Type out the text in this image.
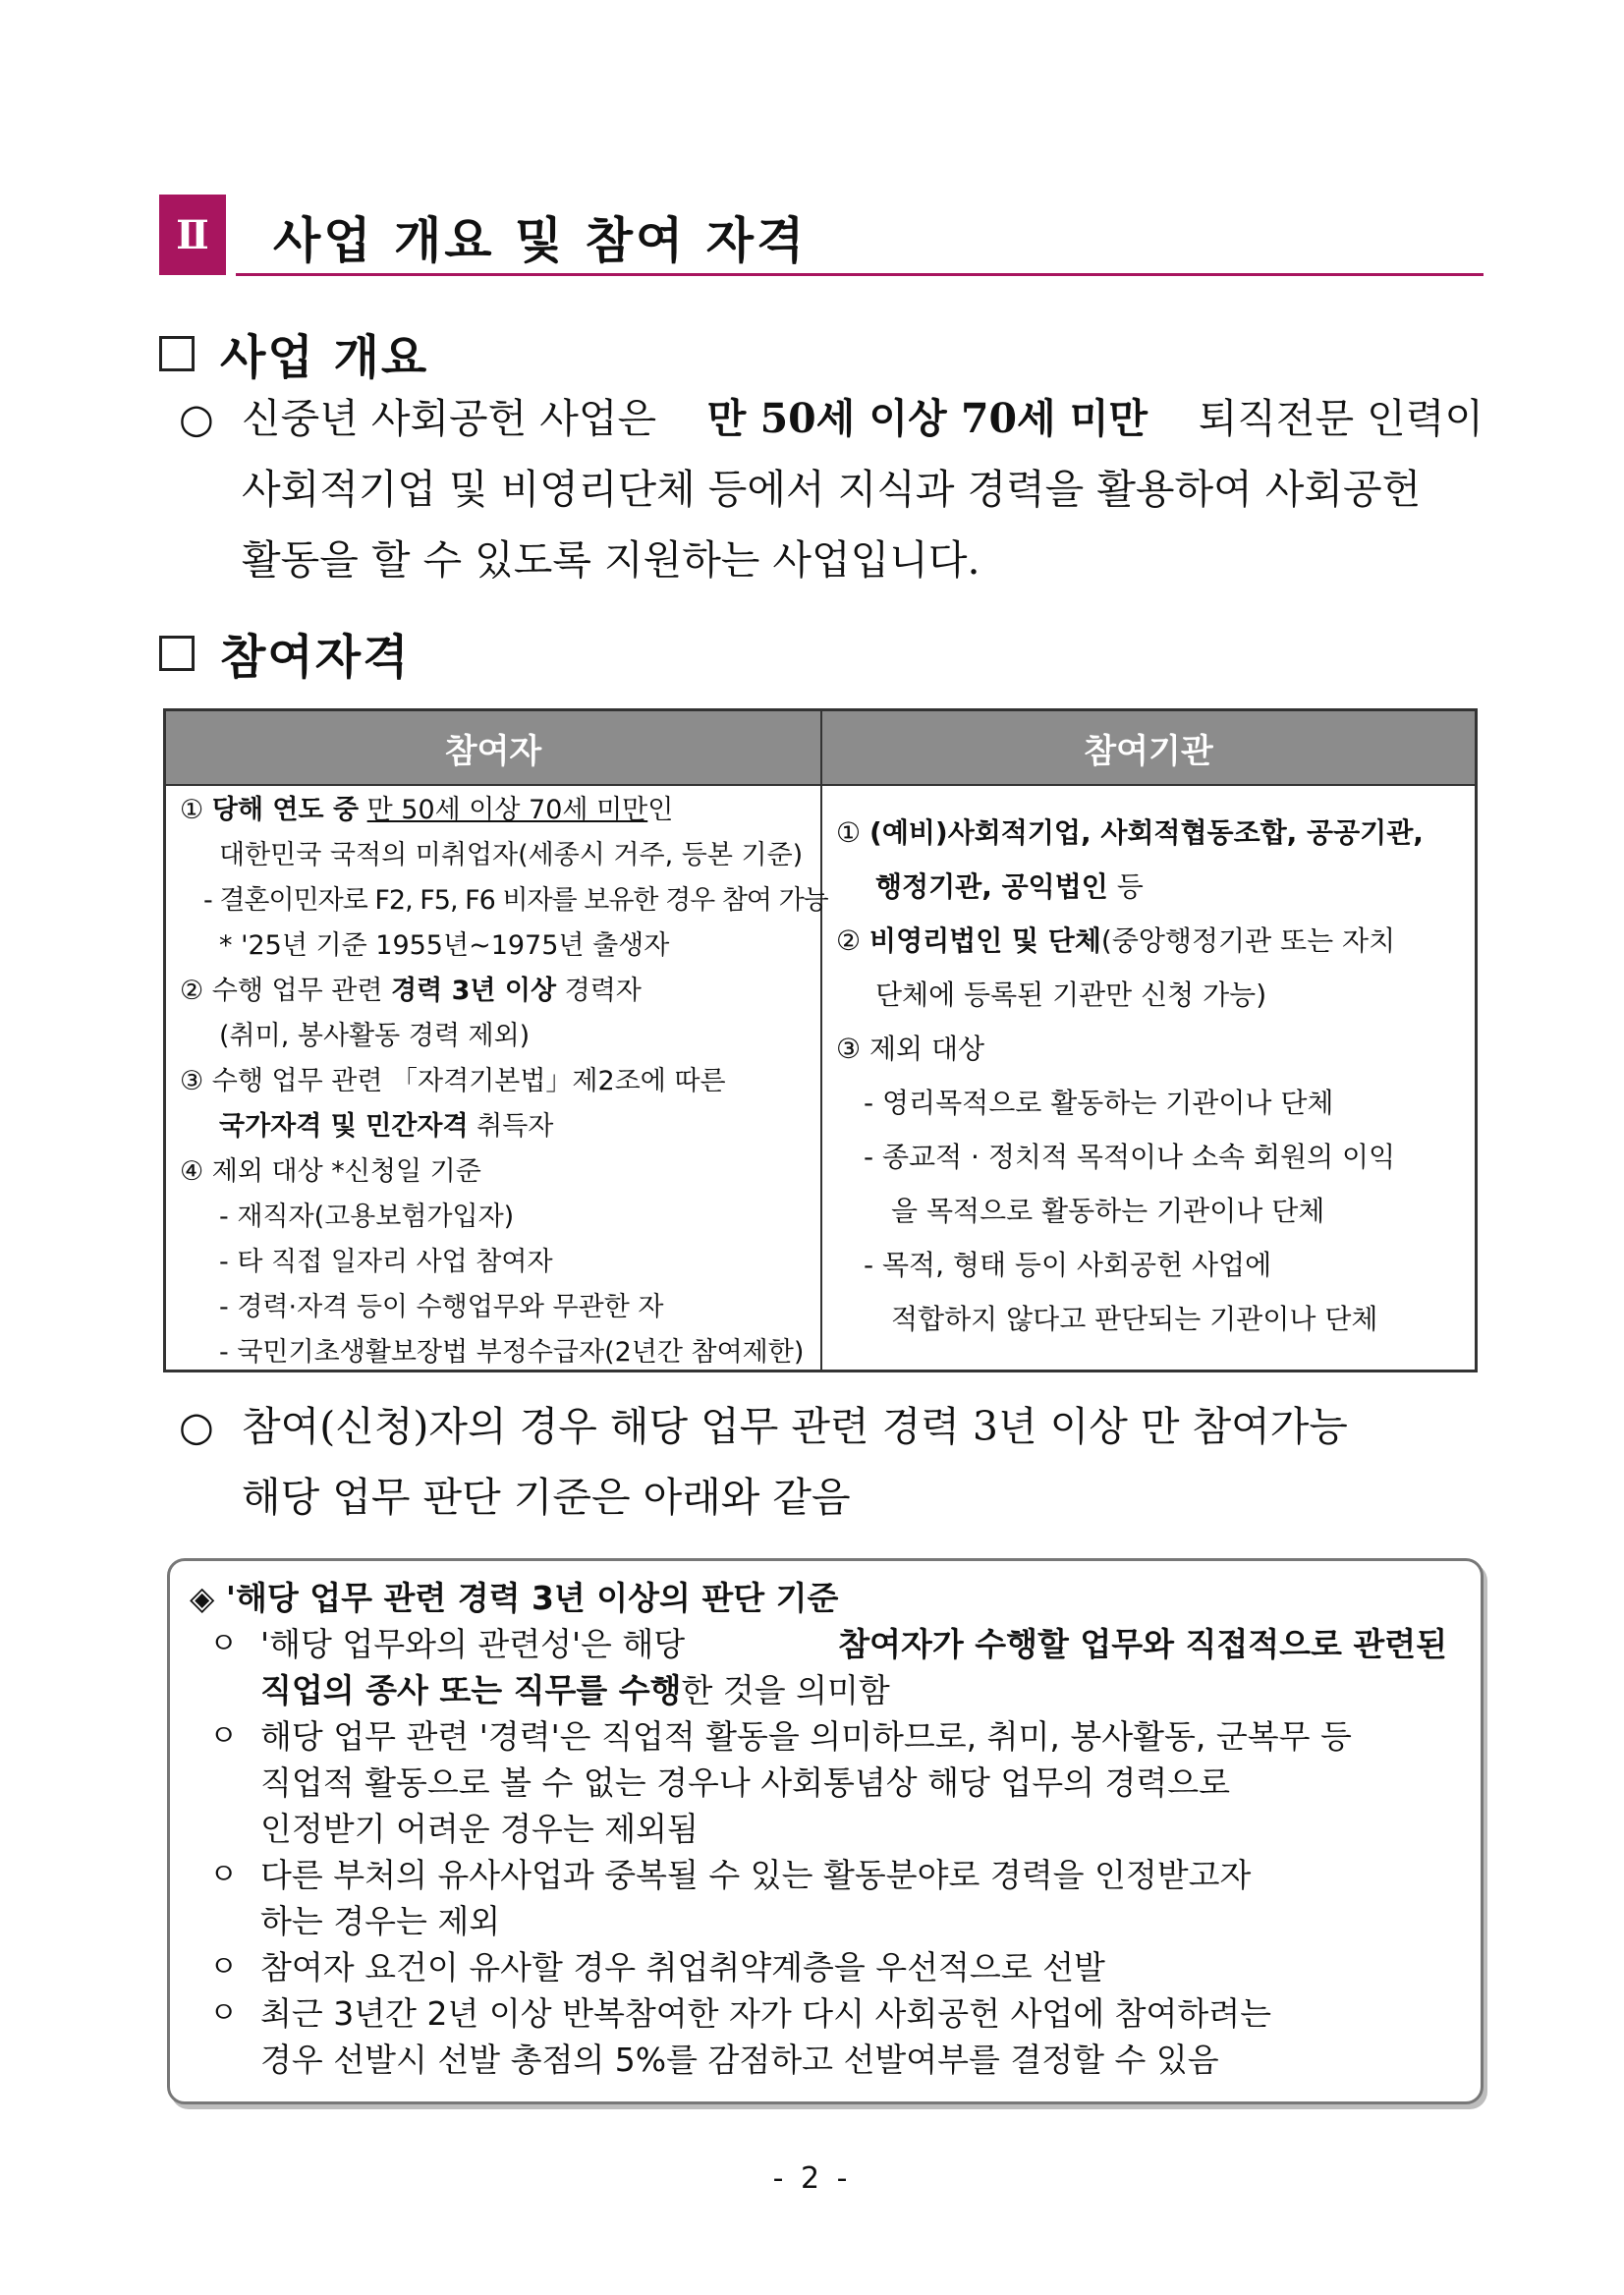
Ⅱ	사업 개요 및 참여 자격
사업 개요
○ 신중년 사회공헌 사업은 만 50세 이상 70세 미만 퇴직전문 인력이
사회적기업 및 비영리단체 등에서 지식과 경력을 활용하여 사회공헌
활동을 할 수 있도록 지원하는 사업입니다.
참여자격
참여자	참여기관
① 당해 연도 중 만 50세 이상 70세 미만인
대한민국 국적의 미취업자(세종시 거주, 등본 기준)
- 결혼이민자로 F2, F5, F6 비자를 보유한 경우 참여 가능
* '25년 기준 1955년~1975년 출생자
② 수행 업무 관련 경력 3년 이상 경력자
(취미, 봉사활동 경력 제외)
③ 수행 업무 관련 「자격기본법」제2조에 따른
국가자격 및 민간자격 취득자
④ 제외 대상 *신청일 기준
- 재직자(고용보험가입자)
- 타 직접 일자리 사업 참여자
- 경력·자격 등이 수행업무와 무관한 자
- 국민기초생활보장법 부정수급자(2년간 참여제한)
① (예비)사회적기업, 사회적협동조합, 공공기관,
행정기관, 공익법인 등
② 비영리법인 및 단체(중앙행정기관 또는 자치
단체에 등록된 기관만 신청 가능)
③ 제외 대상
- 영리목적으로 활동하는 기관이나 단체
- 종교적 · 정치적 목적이나 소속 회원의 이익
을 목적으로 활동하는 기관이나 단체
- 목적, 형태 등이 사회공헌 사업에
적합하지 않다고 판단되는 기관이나 단체
○ 참여(신청)자의 경우 해당 업무 관련 경력 3년 이상 만 참여가능
해당 업무 판단 기준은 아래와 같음
◈ '해당 업무 관련 경력 3년 이상의 판단 기준
ㅇ '해당 업무와의 관련성'은 해당	참여자가 수행할 업무와 직접적으로 관련된
직업의 종사 또는 직무를 수행 한 것을 의미함
ㅇ 해당 업무 관련 '경력'은 직업적 활동을 의미하므로, 취미, 봉사활동, 군복무 등
직업적 활동으로 볼 수 없는 경우나 사회통념상 해당 업무의 경력으로
인정받기 어려운 경우는 제외됨
ㅇ 다른 부처의 유사사업과 중복될 수 있는 활동분야로 경력을 인정받고자
하는 경우는 제외
ㅇ 참여자 요건이 유사할 경우 취업취약계층을 우선적으로 선발
ㅇ 최근 3년간 2년 이상 반복참여한 자가 다시 사회공헌 사업에 참여하려는
경우 선발시 선발 총점의 5%를 감점하고 선발여부를 결정할 수 있음
- 2 -
